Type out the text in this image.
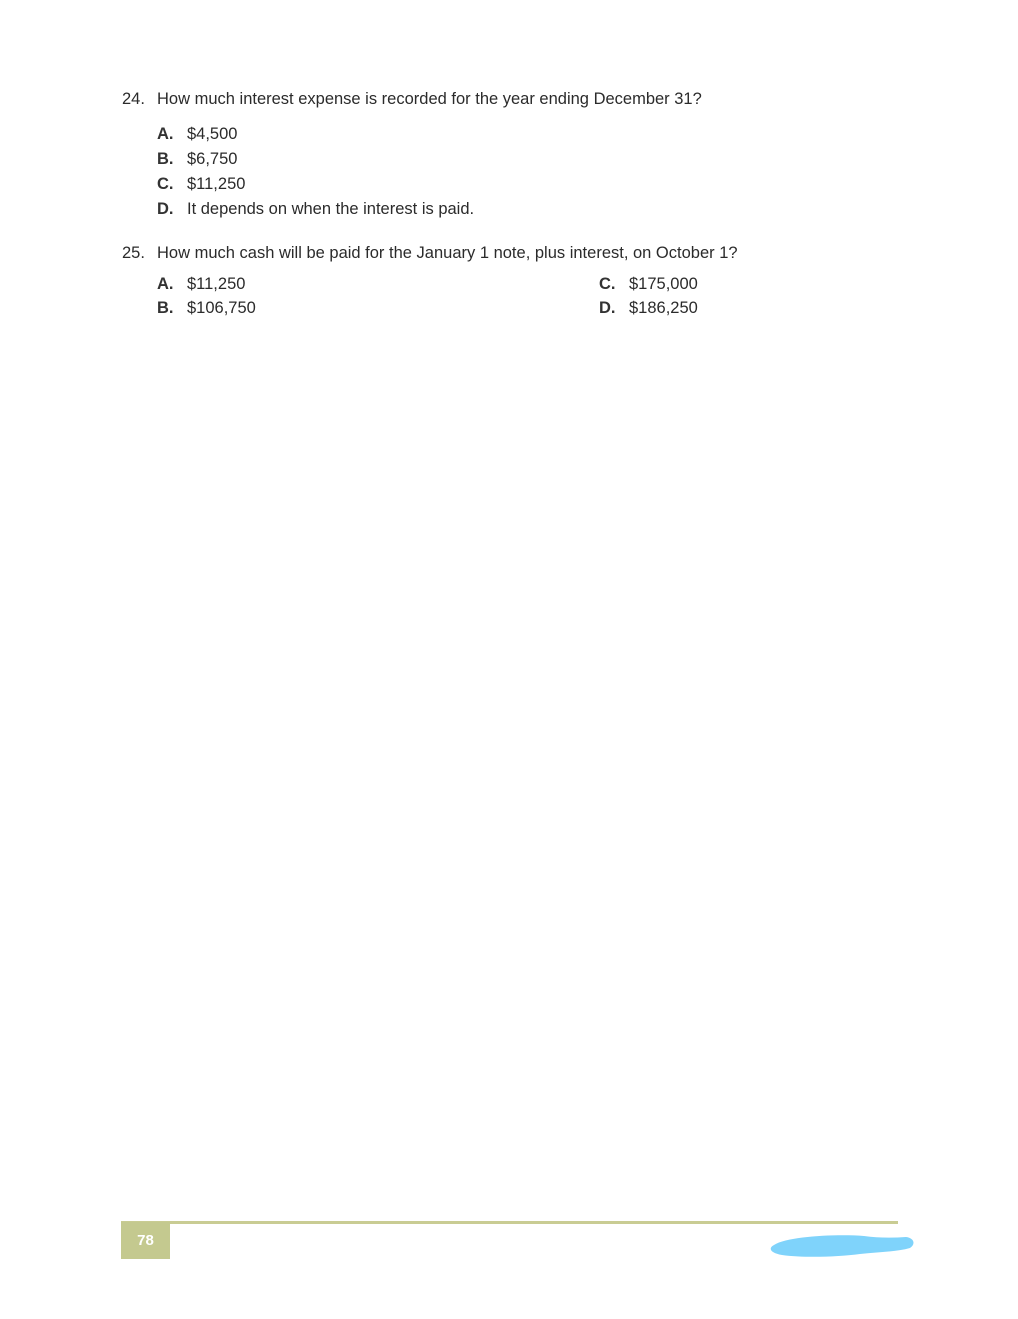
24. How much interest expense is recorded for the year ending December 31?
A. $4,500
B. $6,750
C. $11,250
D. It depends on when the interest is paid.
25. How much cash will be paid for the January 1 note, plus interest, on October 1?
A. $11,250
B. $106,750
C. $175,000
D. $186,250
78
